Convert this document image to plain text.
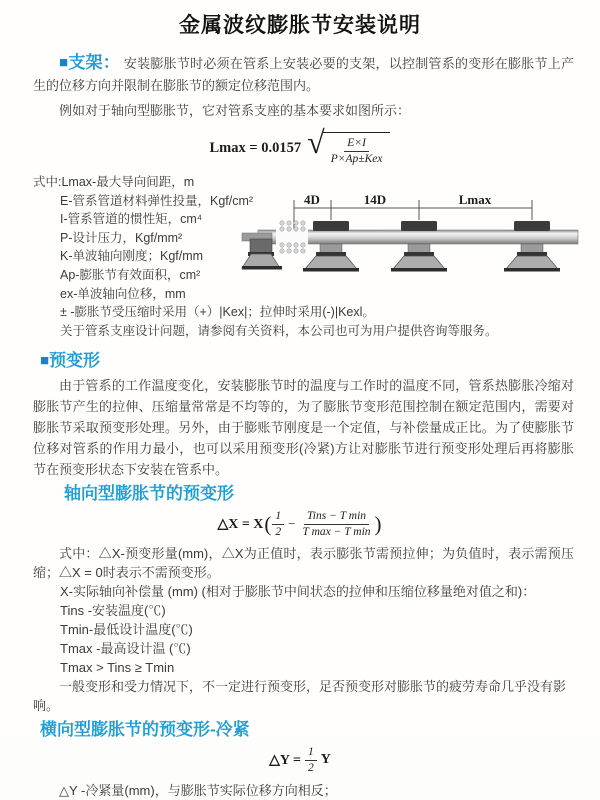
金属波纹膨胀节安装说明

■支架： 安装膨胀节时必须在管系上安装必要的支架，以控制管系的变形在膨胀节上产生的位移方向并限制在膨胀节的额定位移范围内。

例如对于轴向型膨胀节，它对管系支座的基本要求如图所示：

Lmax = 0.0157 √ $\frac{E\times I}{\text{P×Ap±Kex}}$
式中:Lmax-最大导向间距，m
E-管系管道材料弹性投量，Kgf/cm²
I-管系管道的惯性矩，cm⁴
P-设计压力，Kgf/mm²
K-单波轴向刚度；Kgf/mm
Ap-膨胀节有效面积，cm²
ex-单波轴向位移，mm
± -膨胀节受压缩时采用（+）|Kex|；拉伸时采用(-)|Kexl。
关于管系支座设计问题，请参阅有关资料，本公司也可为用户提供咨询等服务。
4D	14D	Lmax
■预变形

由于管系的工作温度变化，安装膨胀节时的温度与工作时的温度不同，管系热膨胀冷缩对膨胀节产生的拉伸、压缩量常常是不均等的，为了膨胀节变形范围控制在额定范围内，需要对膨胀节采取预变形处理。另外，由于膨账节刚度是一个定值，与补偿量成正比。为了使膨胀节位移对管系的作用力最小，也可以采用预变形(冷紧)方让对膨胀节进行预变形处理后再将膨胀节在预变形状态下安装在管系中。

轴向型膨胀节的预变形
△X = X ( $\frac{1}{2} - \frac{\text{Tins − T min}}{\text{T max − T min}}$ )

式中：△X-预变形量(mm)，△X为正值时，表示膨张节需预拉伸；为负值时，表示需预压缩；△X = 0时表示不需预变形。

X-实际轴向补偿量 (mm) (相对于膨胀节中间状态的拉伸和压缩位移量绝对值之和)：
Tins -安装温度(℃)
Tmin-最低设计温度(℃)
Tmax -最高设计温 (℃)
Tmax > Tins ≥ Tmin

一般变形和受力情况下，不一定进行预变形，足否预变形对膨胀节的疲劳寿命几乎没有影响。

横向型膨胀节的预变形-冷紧
△Y = $\frac{1}{2}$ Y

△Y -冷紧量(mm)，与膨胀节实际位移方向相反；
